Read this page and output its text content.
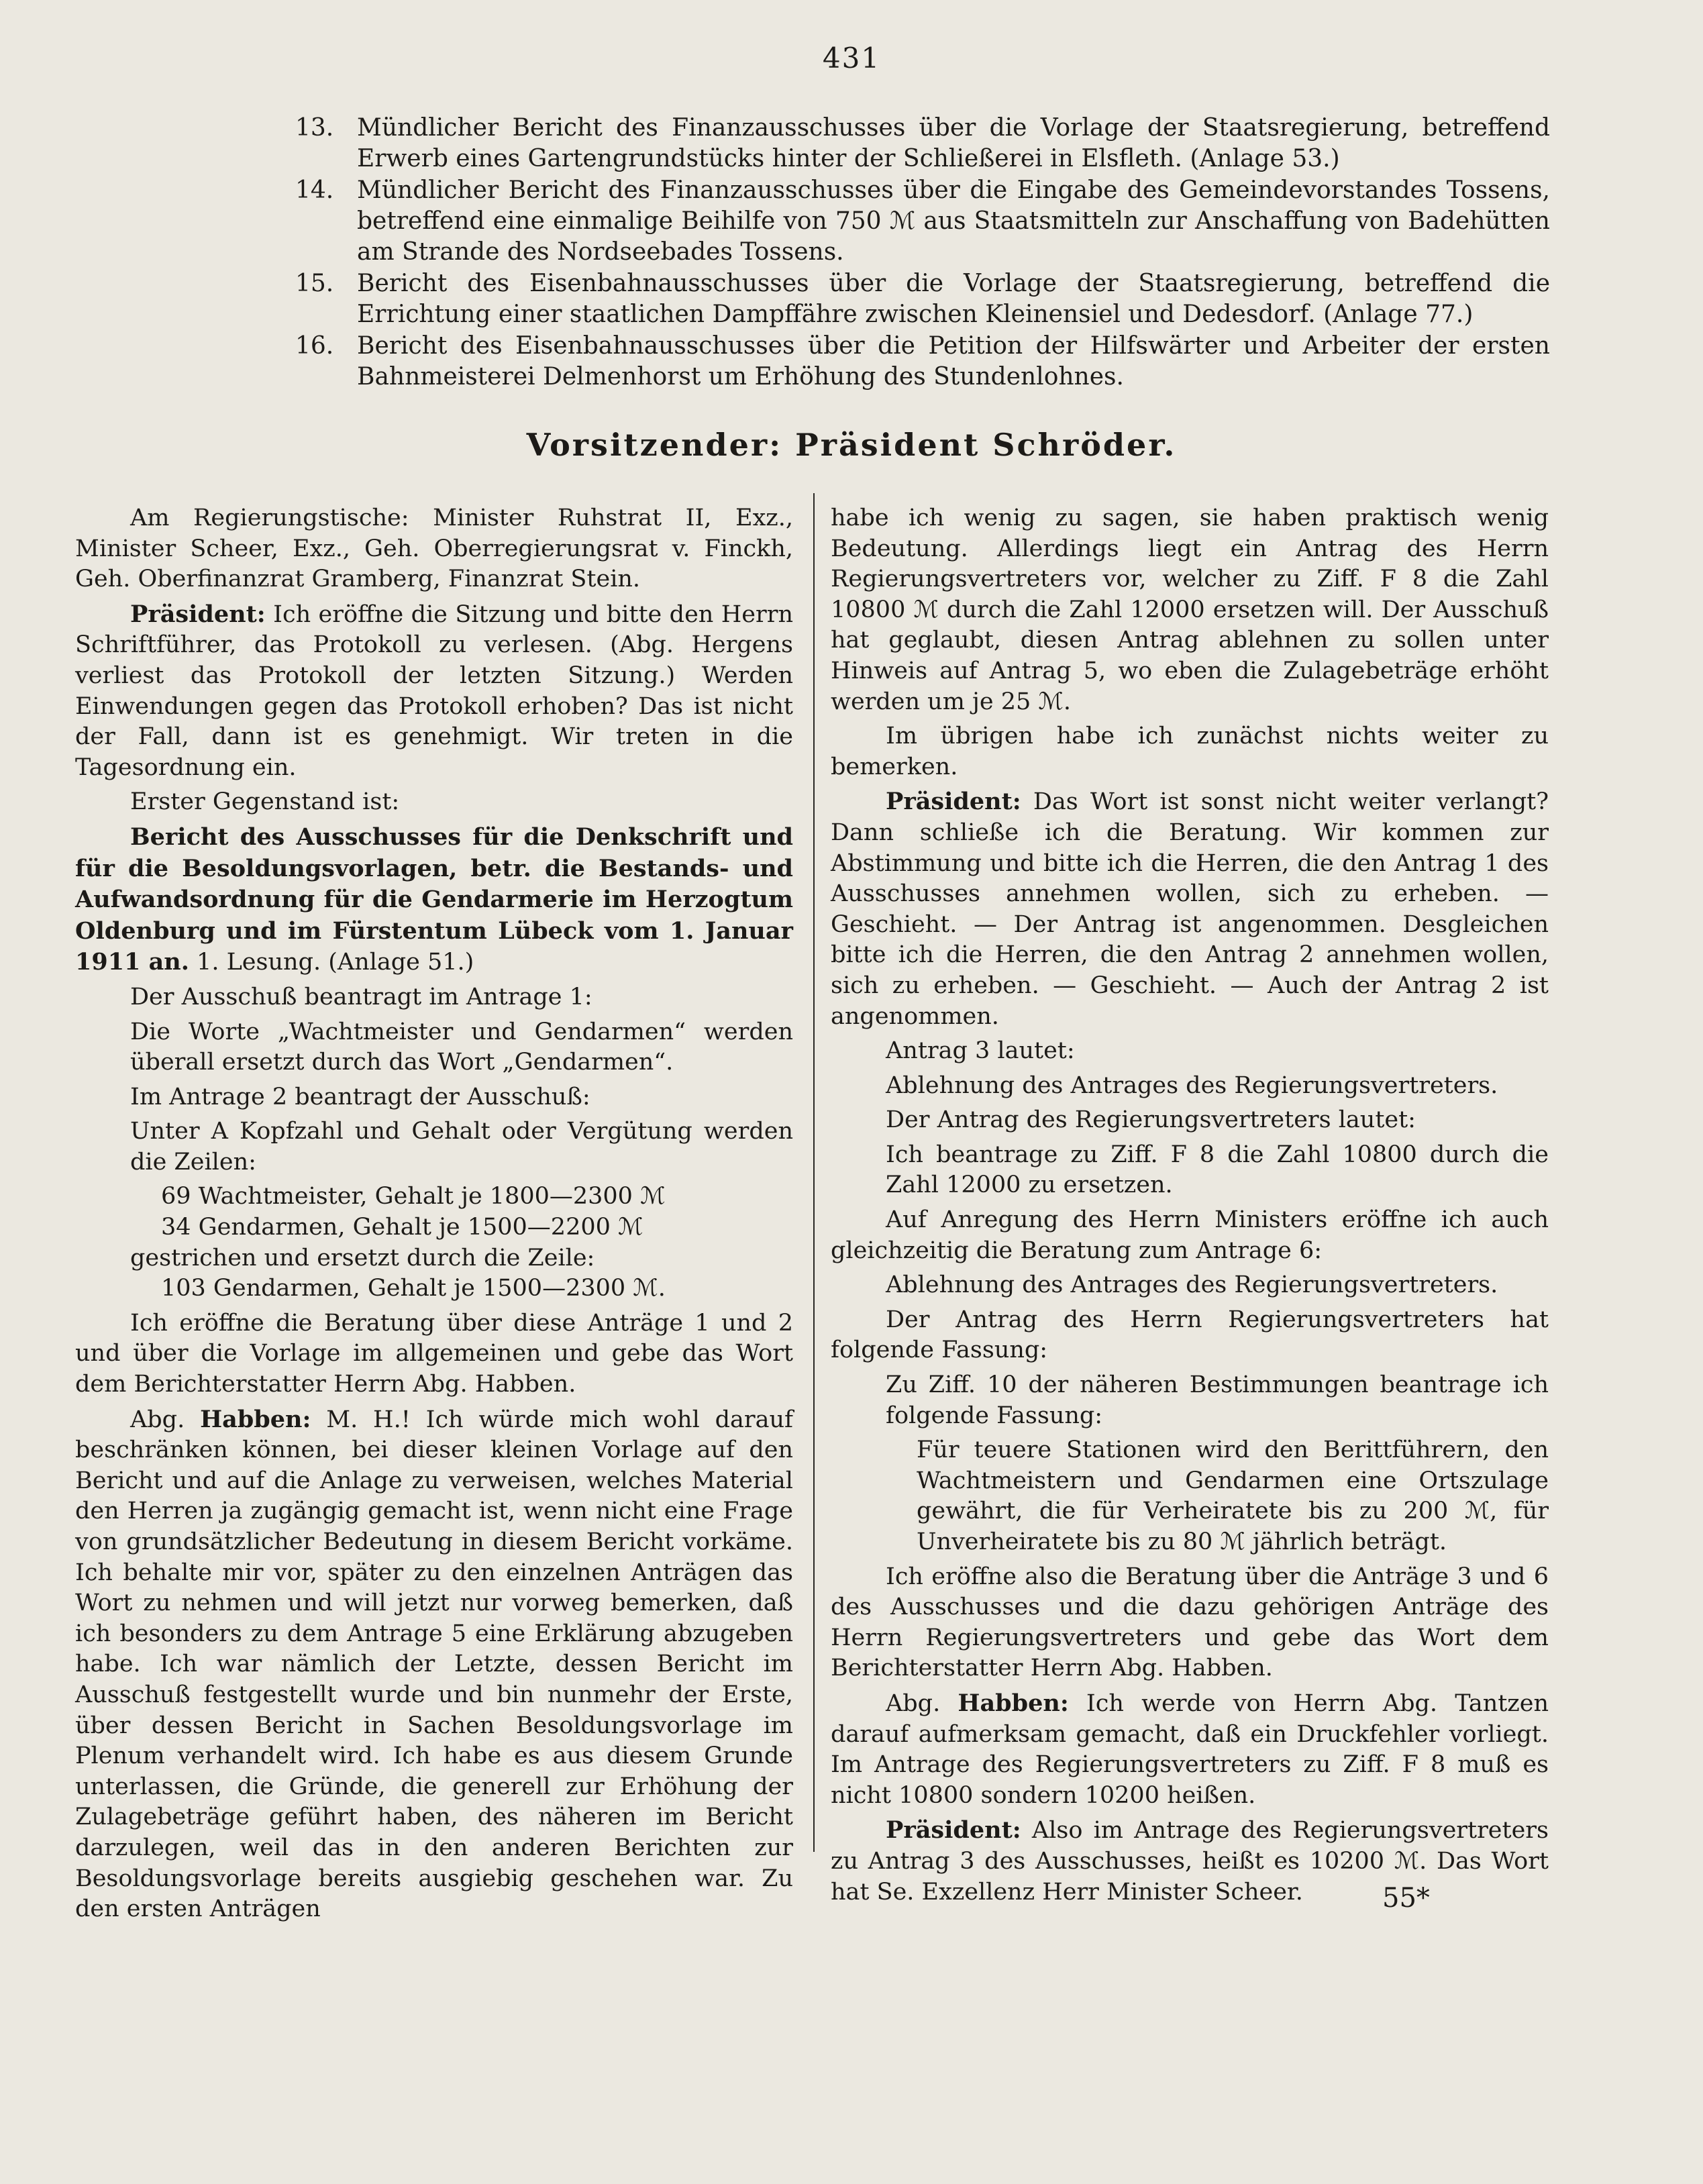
431
13. Mündlicher Bericht des Finanzausschusses über die Vorlage der Staatsregierung, betreffend Erwerb eines Gartengrundstücks hinter der Schließerei in Elsfleth. (Anlage 53.)
14. Mündlicher Bericht des Finanzausschusses über die Eingabe des Gemeindevorstandes Tossens, betreffend eine einmalige Beihilfe von 750 ℳ aus Staatsmitteln zur Anschaffung von Badehütten am Strande des Nordseebades Tossens.
15. Bericht des Eisenbahnausschusses über die Vorlage der Staatsregierung, betreffend die Errichtung einer staatlichen Dampffähre zwischen Kleinensiel und Dedesdorf. (Anlage 77.)
16. Bericht des Eisenbahnausschusses über die Petition der Hilfswärter und Arbeiter der ersten Bahnmeisterei Delmenhorst um Erhöhung des Stundenlohnes.
Vorsitzender: Präsident Schröder.

Am Regierungstische: Minister Ruhstrat II, Exz., Minister Scheer, Exz., Geh. Oberregierungsrat v. Finckh, Geh. Oberfinanzrat Gramberg, Finanzrat Stein.

Präsident: Ich eröffne die Sitzung und bitte den Herrn Schriftführer, das Protokoll zu verlesen. (Abg. Hergens verliest das Protokoll der letzten Sitzung.) Werden Einwendungen gegen das Protokoll erhoben? Das ist nicht der Fall, dann ist es genehmigt. Wir treten in die Tagesordnung ein.

Erster Gegenstand ist:

Bericht des Ausschusses für die Denkschrift und für die Besoldungsvorlagen, betr. die Bestands- und Aufwandsordnung für die Gendarmerie im Herzogtum Oldenburg und im Fürstentum Lübeck vom 1. Januar 1911 an. 1. Lesung. (Anlage 51.)

Der Ausschuß beantragt im Antrage 1:

Die Worte „Wachtmeister und Gendarmen“ werden überall ersetzt durch das Wort „Gendarmen“.

Im Antrage 2 beantragt der Ausschuß:

Unter A Kopfzahl und Gehalt oder Vergütung werden die Zeilen:

69 Wachtmeister, Gehalt je 1800—2300 ℳ

34 Gendarmen, Gehalt je 1500—2200 ℳ

gestrichen und ersetzt durch die Zeile:

103 Gendarmen, Gehalt je 1500—2300 ℳ.

Ich eröffne die Beratung über diese Anträge 1 und 2 und über die Vorlage im allgemeinen und gebe das Wort dem Berichterstatter Herrn Abg. Habben.

Abg. Habben: M. H.! Ich würde mich wohl darauf beschränken können, bei dieser kleinen Vorlage auf den Bericht und auf die Anlage zu verweisen, welches Material den Herren ja zugängig gemacht ist, wenn nicht eine Frage von grundsätzlicher Bedeutung in diesem Bericht vorkäme. Ich behalte mir vor, später zu den einzelnen Anträgen das Wort zu nehmen und will jetzt nur vorweg bemerken, daß ich besonders zu dem Antrage 5 eine Erklärung abzugeben habe. Ich war nämlich der Letzte, dessen Bericht im Ausschuß festgestellt wurde und bin nunmehr der Erste, über dessen Bericht in Sachen Besoldungsvorlage im Plenum verhandelt wird. Ich habe es aus diesem Grunde unterlassen, die Gründe, die generell zur Erhöhung der Zulagebeträge geführt haben, des näheren im Bericht darzulegen, weil das in den anderen Berichten zur Besoldungsvorlage bereits ausgiebig geschehen war. Zu den ersten Anträgen

habe ich wenig zu sagen, sie haben praktisch wenig Bedeutung. Allerdings liegt ein Antrag des Herrn Regierungsvertreters vor, welcher zu Ziff. F 8 die Zahl 10800 ℳ durch die Zahl 12000 ersetzen will. Der Ausschuß hat geglaubt, diesen Antrag ablehnen zu sollen unter Hinweis auf Antrag 5, wo eben die Zulagebeträge erhöht werden um je 25 ℳ.

Im übrigen habe ich zunächst nichts weiter zu bemerken.

Präsident: Das Wort ist sonst nicht weiter verlangt? Dann schließe ich die Beratung. Wir kommen zur Abstimmung und bitte ich die Herren, die den Antrag 1 des Ausschusses annehmen wollen, sich zu erheben. — Geschieht. — Der Antrag ist angenommen. Desgleichen bitte ich die Herren, die den Antrag 2 annehmen wollen, sich zu erheben. — Geschieht. — Auch der Antrag 2 ist angenommen.

Antrag 3 lautet:

Ablehnung des Antrages des Regierungsvertreters.

Der Antrag des Regierungsvertreters lautet:

Ich beantrage zu Ziff. F 8 die Zahl 10800 durch die Zahl 12000 zu ersetzen.

Auf Anregung des Herrn Ministers eröffne ich auch gleichzeitig die Beratung zum Antrage 6:

Ablehnung des Antrages des Regierungsvertreters.

Der Antrag des Herrn Regierungsvertreters hat folgende Fassung:

Zu Ziff. 10 der näheren Bestimmungen beantrage ich folgende Fassung:

Für teuere Stationen wird den Berittführern, den Wachtmeistern und Gendarmen eine Ortszulage gewährt, die für Verheiratete bis zu 200 ℳ, für Unverheiratete bis zu 80 ℳ jährlich beträgt.

Ich eröffne also die Beratung über die Anträge 3 und 6 des Ausschusses und die dazu gehörigen Anträge des Herrn Regierungsvertreters und gebe das Wort dem Berichterstatter Herrn Abg. Habben.

Abg. Habben: Ich werde von Herrn Abg. Tantzen darauf aufmerksam gemacht, daß ein Druckfehler vorliegt. Im Antrage des Regierungsvertreters zu Ziff. F 8 muß es nicht 10800 sondern 10200 heißen.

Präsident: Also im Antrage des Regierungsvertreters zu Antrag 3 des Ausschusses, heißt es 10200 ℳ. Das Wort hat Se. Exzellenz Herr Minister Scheer.	55*
